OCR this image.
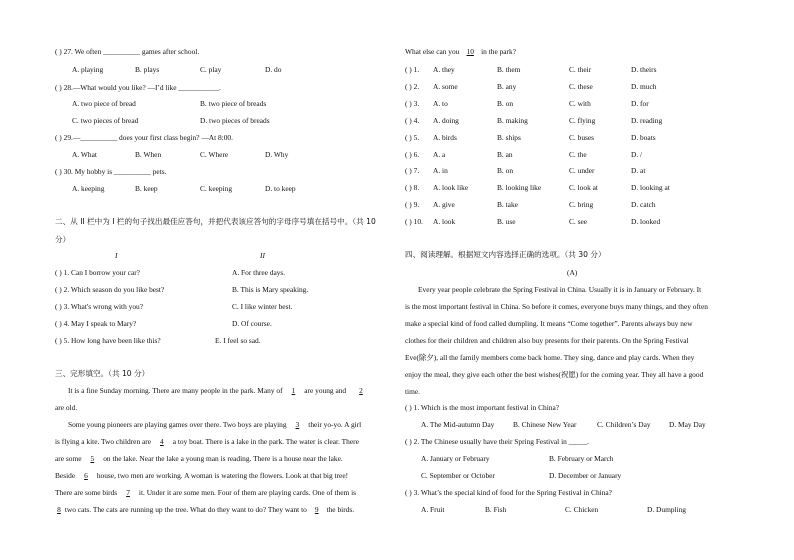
( ) 27. We often __________ games after school.
A. playing	B. plays	C. play	D. do
( ) 28.—What would you like? —I’d like ___________.
A. two piece of bread	B. two piece of breads
C. two pieces of bread	D. two pieces of breads
( ) 29.—__________ does your first class begin? —At 8:00.
A. What	B. When	C. Where	D. Why
( ) 30. My hobby is __________ pets.
A. keeping	B. keep	C. keeping	D. to keep
二、从 II 栏中为 I 栏的句子找出最佳应答句，并把代表该应答句的字母序号填在括号中。（共 10
分）
I	II
( ) 1. Can I borrow your car?	A. For three days.
( ) 2. Which season do you like best?	B. This is Mary speaking.
( ) 3. What's wrong with you?	C. I like winter best.
( ) 4. May I speak to Mary?	D. Of course.
( ) 5. How long have been like this?	E. I feel so sad.
三、完形填空。（共 10 分）
It is a fine Sunday morning. There are many people in the park. Many of 1 are young and	2
are old.
Some young pioneers are playing games over there. Two boys are playing 3 their yo-yo. A girl
is flying a kite. Two children are 4 a toy boat. There is a lake in the park. The water is clear. There
are some 5 on the lake. Near the lake a young man is reading. There is a house near the lake.
Beside 6 house, two men are working. A woman is watering the flowers. Look at that big tree!
There are some birds 7 it. Under it are some men. Four of them are playing cards. One of them is
8 two cats. The cats are running up the tree. What do they want to do? They want to 9 the birds.
What else can you 10 in the park?
( ) 1. A. they	B. them	C. their	D. theirs
( ) 2. A. some	B. any	C. these	D. much
( ) 3. A. to	B. on	C. with	D. for
( ) 4. A. doing	B. making	C. flying	D. reading
( ) 5. A. birds	B. ships	C. buses	D. boats
( ) 6. A. a	B. an	C. the	D. /
( ) 7. A. in	B. on	C. under	D. at
( ) 8. A. look like	B. looking like	C. look at	D. looking at
( ) 9. A. give	B. take	C. bring	D. catch
( ) 10. A. look	B. use	C. see	D. looked
四、阅读理解。根据短文内容选择正确的选项。（共 30 分）
(A)
Every year people celebrate the Spring Festival in China. Usually it is in January or February. It
is the most important festival in China. So before it comes, everyone buys many things, and they often
make a special kind of food called dumpling. It means “Come together”. Parents always buy new
clothes for their children and children also buy presents for their parents. On the Spring Festival
Eve(除夕), all the family members come back home. They sing, dance and play cards. When they
enjoy the meal, they give each other the best wishes(祝愿) for the coming year. They all have a good
time.
( ) 1. Which is the most important festival in China?
A. The Mid-autumn Day	B. Chinese New Year	C. Children’s Day D. May Day
( ) 2. The Chinese usually have their Spring Festival in _____.
A. January or February	B. February or March
C. September or October	D. December or January
( ) 3. What’s the special kind of food for the Spring Festival in China?
A. Fruit	B. Fish	C. Chicken	D. Dumpling
